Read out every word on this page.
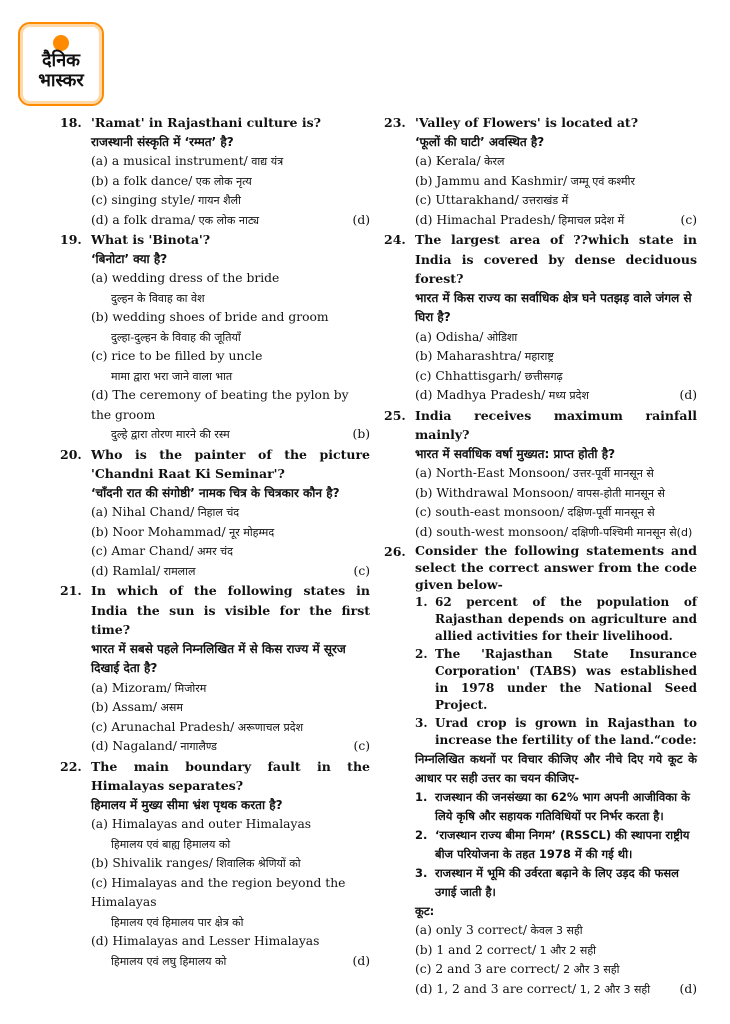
दैनिक
भास्कर
18. 'Ramat' in Rajasthani culture is?
राजस्थानी संस्कृति में ‘रम्मत’ है?
(a) a musical instrument/ वाद्य यंत्र
(b) a folk dance/ एक लोक नृत्य
(c) singing style/ गायन शैली
(d) a folk drama/ एक लोक नाट्य	(d)
19. What is 'Binota'?
‘बिनोटा’ क्या है?
(a) wedding dress of the bride
दुल्हन के विवाह का वेश
(b) wedding shoes of bride and groom
दुल्हा-दुल्हन के विवाह की जूतियाँ
(c) rice to be filled by uncle
मामा द्वारा भरा जाने वाला भात
(d) The ceremony of beating the pylon by the groom
दुल्हे द्वारा तोरण मारने की रस्म	(b)
20. Who is the painter of the picture 'Chandni Raat Ki Seminar'?
‘चाँदनी रात की संगोष्ठी’ नामक चित्र के चित्रकार कौन है?
(a) Nihal Chand/ निहाल चंद
(b) Noor Mohammad/ नूर मोहम्मद
(c) Amar Chand/ अमर चंद
(d) Ramlal/ रामलाल	(c)
21. In which of the following states in India the sun is visible for the first time?
भारत में सबसे पहले निम्नलिखित में से किस राज्य में सूरज दिखाई देता है?
(a) Mizoram/ मिजोरम
(b) Assam/ असम
(c) Arunachal Pradesh/ अरूणाचल प्रदेश
(d) Nagaland/ नागालैण्ड	(c)
22. The main boundary fault in the Himalayas separates?
हिमालय में मुख्य सीमा भ्रंश पृथक करता है?
(a) Himalayas and outer Himalayas
हिमालय एवं बाह्य हिमालय को
(b) Shivalik ranges/ शिवालिक श्रेणियों को
(c) Himalayas and the region beyond the Himalayas
हिमालय एवं हिमालय पार क्षेत्र को
(d) Himalayas and Lesser Himalayas
हिमालय एवं लघु हिमालय को	(d)
23. 'Valley of Flowers' is located at?
‘फूलों की घाटी’ अवस्थित है?
(a) Kerala/ केरल
(b) Jammu and Kashmir/ जम्मू एवं कश्मीर
(c) Uttarakhand/ उत्तराखंड में
(d) Himachal Pradesh/ हिमाचल प्रदेश में	(c)
24. The largest area of ??which state in India is covered by dense deciduous forest?
भारत में किस राज्य का सर्वाधिक क्षेत्र घने पतझड़ वाले जंगल से घिरा है?
(a) Odisha/ ओडिशा
(b) Maharashtra/ महाराष्ट्र
(c) Chhattisgarh/ छत्तीसगढ़
(d) Madhya Pradesh/ मध्य प्रदेश	(d)
25. India receives maximum rainfall mainly?
भारत में सर्वाधिक वर्षा मुख्यत: प्राप्त होती है?
(a) North-East Monsoon/ उत्तर-पूर्वी मानसून से
(b) Withdrawal Monsoon/ वापस-होती मानसून से
(c) south-east monsoon/ दक्षिण-पूर्वी मानसून से
(d) south-west monsoon/ दक्षिणी-पश्चिमी मानसून से(d)
26. Consider the following statements and select the correct answer from the code given below-
1. 62 percent of the population of Rajasthan depends on agriculture and allied activities for their livelihood.
2. The 'Rajasthan State Insurance Corporation' (TABS) was established in 1978 under the National Seed Project.
3. Urad crop is grown in Rajasthan to increase the fertility of the land.“code:
निम्नलिखित कथनों पर विचार कीजिए और नीचे दिए गये कूट के आधार पर सही उत्तर का चयन कीजिए-
1. राजस्थान की जनसंख्या का 62% भाग अपनी आजीविका के लिये कृषि और सहायक गतिविधियों पर निर्भर करता है।
2. ‘राजस्थान राज्य बीमा निगम’ (RSSCL) की स्थापना राष्ट्रीय बीज परियोजना के तहत 1978 में की गई थी।
3. राजस्थान में भूमि की उर्वरता बढ़ाने के लिए उड़द की फसल उगाई जाती है।
कूट:
(a) only 3 correct/ केवल 3 सही
(b) 1 and 2 correct/ 1 और 2 सही
(c) 2 and 3 are correct/ 2 और 3 सही
(d) 1, 2 and 3 are correct/ 1, 2 और 3 सही (d)
